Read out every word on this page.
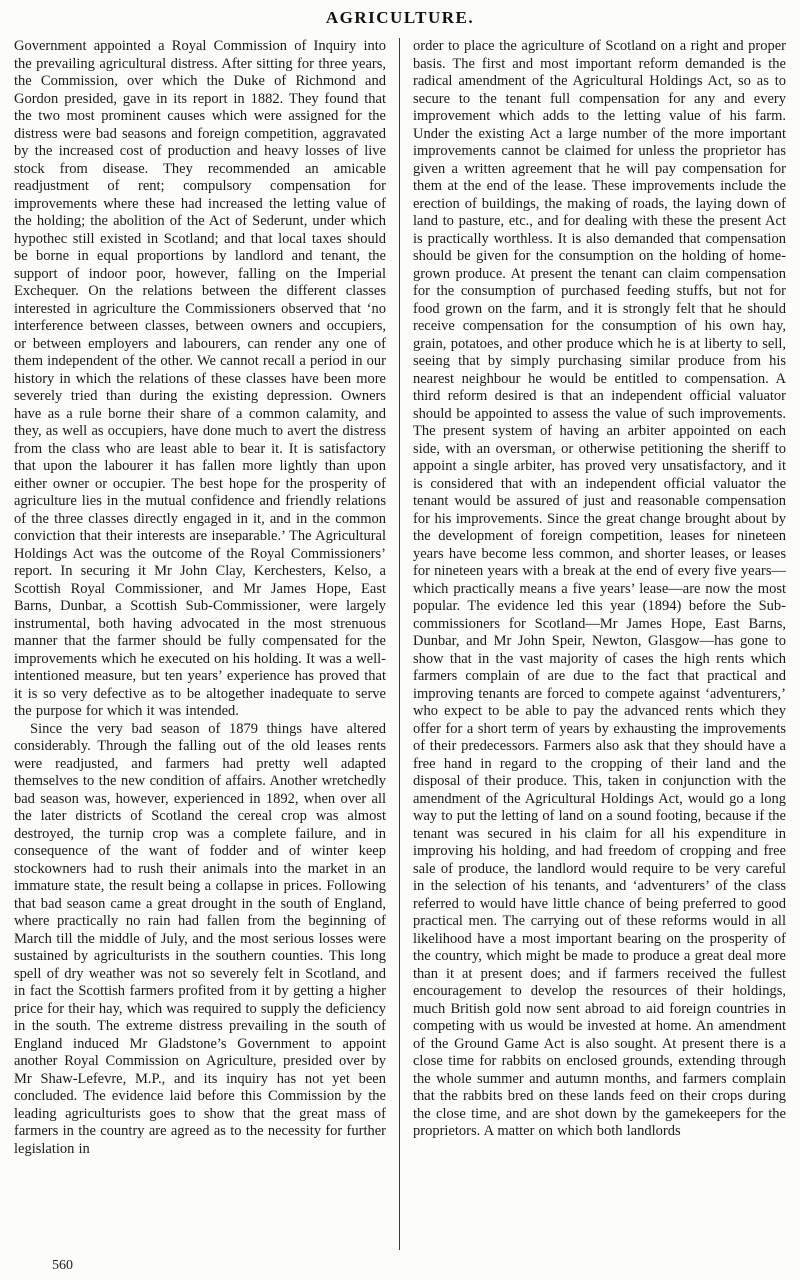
AGRICULTURE.

Government appointed a Royal Commission of Inquiry into the prevailing agricultural distress. After sitting for three years, the Commission, over which the Duke of Richmond and Gordon presided, gave in its report in 1882. They found that the two most prominent causes which were assigned for the distress were bad seasons and foreign competition, aggravated by the increased cost of production and heavy losses of live stock from disease. They recommended an amicable readjustment of rent; compulsory compensation for improvements where these had increased the letting value of the holding; the abolition of the Act of Sederunt, under which hypothec still existed in Scotland; and that local taxes should be borne in equal proportions by landlord and tenant, the support of indoor poor, however, falling on the Imperial Exchequer. On the relations between the different classes interested in agriculture the Commissioners observed that ‘no interference between classes, between owners and occupiers, or between employers and labourers, can render any one of them independent of the other. We cannot recall a period in our history in which the relations of these classes have been more severely tried than during the existing depression. Owners have as a rule borne their share of a common calamity, and they, as well as occupiers, have done much to avert the distress from the class who are least able to bear it. It is satisfactory that upon the labourer it has fallen more lightly than upon either owner or occupier. The best hope for the prosperity of agriculture lies in the mutual confidence and friendly relations of the three classes directly engaged in it, and in the common conviction that their interests are inseparable.’ The Agricultural Holdings Act was the outcome of the Royal Commissioners’ report. In securing it Mr John Clay, Kerchesters, Kelso, a Scottish Royal Commissioner, and Mr James Hope, East Barns, Dunbar, a Scottish Sub-Commissioner, were largely instrumental, both having advocated in the most strenuous manner that the farmer should be fully compensated for the improvements which he executed on his holding. It was a well-intentioned measure, but ten years’ experience has proved that it is so very defective as to be altogether inadequate to serve the purpose for which it was intended.

Since the very bad season of 1879 things have altered considerably. Through the falling out of the old leases rents were readjusted, and farmers had pretty well adapted themselves to the new condition of affairs. Another wretchedly bad season was, however, experienced in 1892, when over all the later districts of Scotland the cereal crop was almost destroyed, the turnip crop was a complete failure, and in consequence of the want of fodder and of winter keep stockowners had to rush their animals into the market in an immature state, the result being a collapse in prices. Following that bad season came a great drought in the south of England, where practically no rain had fallen from the beginning of March till the middle of July, and the most serious losses were sustained by agriculturists in the southern counties. This long spell of dry weather was not so severely felt in Scotland, and in fact the Scottish farmers profited from it by getting a higher price for their hay, which was required to supply the deficiency in the south. The extreme distress prevailing in the south of England induced Mr Gladstone’s Government to appoint another Royal Commission on Agriculture, presided over by Mr Shaw-Lefevre, M.P., and its inquiry has not yet been concluded. The evidence laid before this Commission by the leading agriculturists goes to show that the great mass of farmers in the country are agreed as to the necessity for further legislation in

order to place the agriculture of Scotland on a right and proper basis. The first and most important reform demanded is the radical amendment of the Agricultural Holdings Act, so as to secure to the tenant full compensation for any and every improvement which adds to the letting value of his farm. Under the existing Act a large number of the more important improvements cannot be claimed for unless the proprietor has given a written agreement that he will pay compensation for them at the end of the lease. These improvements include the erection of buildings, the making of roads, the laying down of land to pasture, etc., and for dealing with these the present Act is practically worthless. It is also demanded that compensation should be given for the consumption on the holding of home-grown produce. At present the tenant can claim compensation for the consumption of purchased feeding stuffs, but not for food grown on the farm, and it is strongly felt that he should receive compensation for the consumption of his own hay, grain, potatoes, and other produce which he is at liberty to sell, seeing that by simply purchasing similar produce from his nearest neighbour he would be entitled to compensation. A third reform desired is that an independent official valuator should be appointed to assess the value of such improvements. The present system of having an arbiter appointed on each side, with an oversman, or otherwise petitioning the sheriff to appoint a single arbiter, has proved very unsatisfactory, and it is considered that with an independent official valuator the tenant would be assured of just and reasonable compensation for his improvements. Since the great change brought about by the development of foreign competition, leases for nineteen years have become less common, and shorter leases, or leases for nineteen years with a break at the end of every five years—which practically means a five years’ lease—are now the most popular. The evidence led this year (1894) before the Sub-commissioners for Scotland—Mr James Hope, East Barns, Dunbar, and Mr John Speir, Newton, Glasgow—has gone to show that in the vast majority of cases the high rents which farmers complain of are due to the fact that practical and improving tenants are forced to compete against ‘adventurers,’ who expect to be able to pay the advanced rents which they offer for a short term of years by exhausting the improvements of their predecessors. Farmers also ask that they should have a free hand in regard to the cropping of their land and the disposal of their produce. This, taken in conjunction with the amendment of the Agricultural Holdings Act, would go a long way to put the letting of land on a sound footing, because if the tenant was secured in his claim for all his expenditure in improving his holding, and had freedom of cropping and free sale of produce, the landlord would require to be very careful in the selection of his tenants, and ‘adventurers’ of the class referred to would have little chance of being preferred to good practical men. The carrying out of these reforms would in all likelihood have a most important bearing on the prosperity of the country, which might be made to produce a great deal more than it at present does; and if farmers received the fullest encouragement to develop the resources of their holdings, much British gold now sent abroad to aid foreign countries in competing with us would be invested at home. An amendment of the Ground Game Act is also sought. At present there is a close time for rabbits on enclosed grounds, extending through the whole summer and autumn months, and farmers complain that the rabbits bred on these lands feed on their crops during the close time, and are shot down by the gamekeepers for the proprietors. A matter on which both landlords

560
